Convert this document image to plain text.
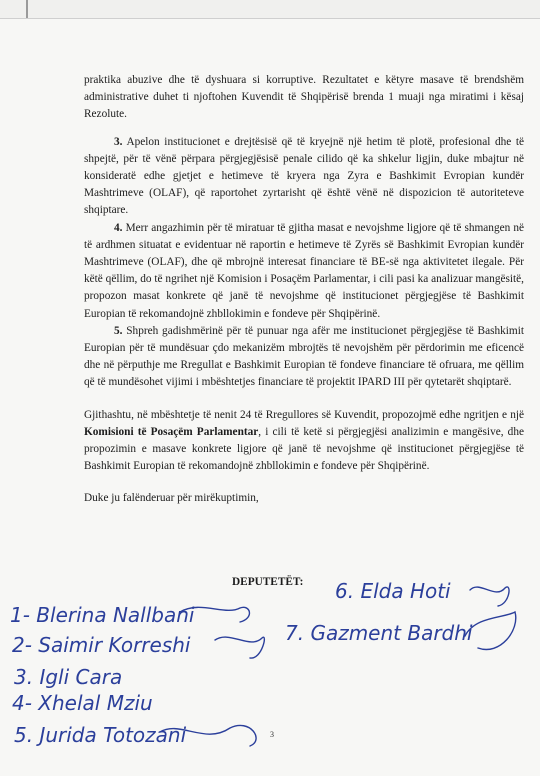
praktika abuzive dhe të dyshuara si korruptive. Rezultatet e këtyre masave të brendshëm administrative duhet ti njoftohen Kuvendit të Shqipërisë brenda 1 muaji nga miratimi i kësaj Rezolute.

3. Apelon institucionet e drejtësisë që të kryejnë një hetim të plotë, profesional dhe të shpejtë, për të vënë përpara përgjegjësisë penale cilido që ka shkelur ligjin, duke mbajtur në konsideratë edhe gjetjet e hetimeve të kryera nga Zyra e Bashkimit Evropian kundër Mashtrimeve (OLAF), që raportohet zyrtarisht që është vënë në dispozicion të autoriteteve shqiptare.

4. Merr angazhimin për të miratuar të gjitha masat e nevojshme ligjore që të shmangen në të ardhmen situatat e evidentuar në raportin e hetimeve të Zyrës së Bashkimit Evropian kundër Mashtrimeve (OLAF), dhe që mbrojnë interesat financiare të BE-së nga aktivitetet ilegale. Për këtë qëllim, do të ngrihet një Komision i Posaçëm Parlamentar, i cili pasi ka analizuar mangësitë, propozon masat konkrete që janë të nevojshme që institucionet përgjegjëse të Bashkimit Europian të rekomandojnë zhbllokimin e fondeve për Shqipërinë.

5. Shpreh gadishmërinë për të punuar nga afër me institucionet përgjegjëse të Bashkimit Europian për të mundësuar çdo mekanizëm mbrojtës të nevojshëm për përdorimin me eficencë dhe në përputhje me Rregullat e Bashkimit Europian të fondeve financiare të ofruara, me qëllim që të mundësohet vijimi i mbështetjes financiare të projektit IPARD III për qytetarët shqiptarë.

Gjithashtu, në mbështetje të nenit 24 të Rregullores së Kuvendit, propozojmë edhe ngritjen e një Komisioni të Posaçëm Parlamentar, i cili të ketë si përgjegjësi analizimin e mangësive, dhe propozimin e masave konkrete ligjore që janë të nevojshme që institucionet përgjegjëse të Bashkimit Europian të rekomandojnë zhbllokimin e fondeve për Shqipërinë.

Duke ju falënderuar për mirëkuptimin,

DEPUTETËT:
1- Blerina Nallbani
2- Saimir Korreshi
3. Igli Cara
4- Xhelal Mziu
5. Jurida Totozani
6. Elda Hoti
7. Gazment Bardhi
3
